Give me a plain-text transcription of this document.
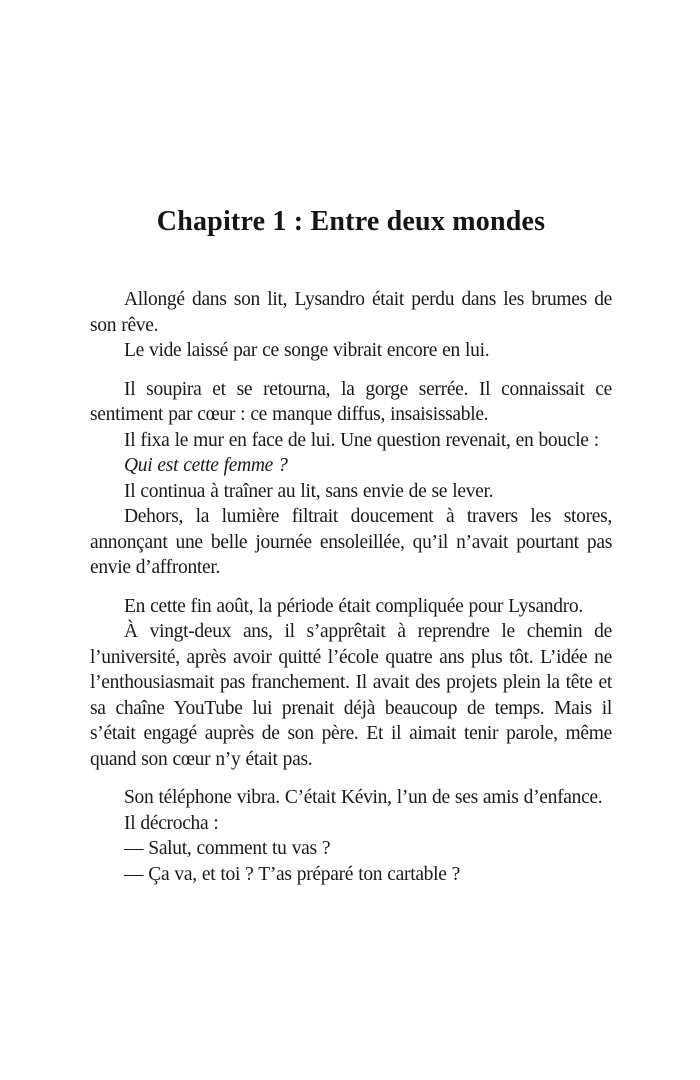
Chapitre 1 : Entre deux mondes

Allongé dans son lit, Lysandro était perdu dans les brumes de son rêve.

Le vide laissé par ce songe vibrait encore en lui.

Il soupira et se retourna, la gorge serrée. Il connaissait ce sentiment par cœur : ce manque diffus, insaisissable.

Il fixa le mur en face de lui. Une question revenait, en boucle :

Qui est cette femme ?

Il continua à traîner au lit, sans envie de se lever.

Dehors, la lumière filtrait doucement à travers les stores, annonçant une belle journée ensoleillée, qu’il n’avait pourtant pas envie d’affronter.

En cette fin août, la période était compliquée pour Lysandro.

À vingt-deux ans, il s’apprêtait à reprendre le chemin de l’université, après avoir quitté l’école quatre ans plus tôt. L’idée ne l’enthousiasmait pas franchement. Il avait des projets plein la tête et sa chaîne YouTube lui prenait déjà beaucoup de temps. Mais il s’était engagé auprès de son père. Et il aimait tenir parole, même quand son cœur n’y était pas.

Son téléphone vibra. C’était Kévin, l’un de ses amis d’enfance.

Il décrocha :

— Salut, comment tu vas ?

— Ça va, et toi ? T’as préparé ton cartable ?
